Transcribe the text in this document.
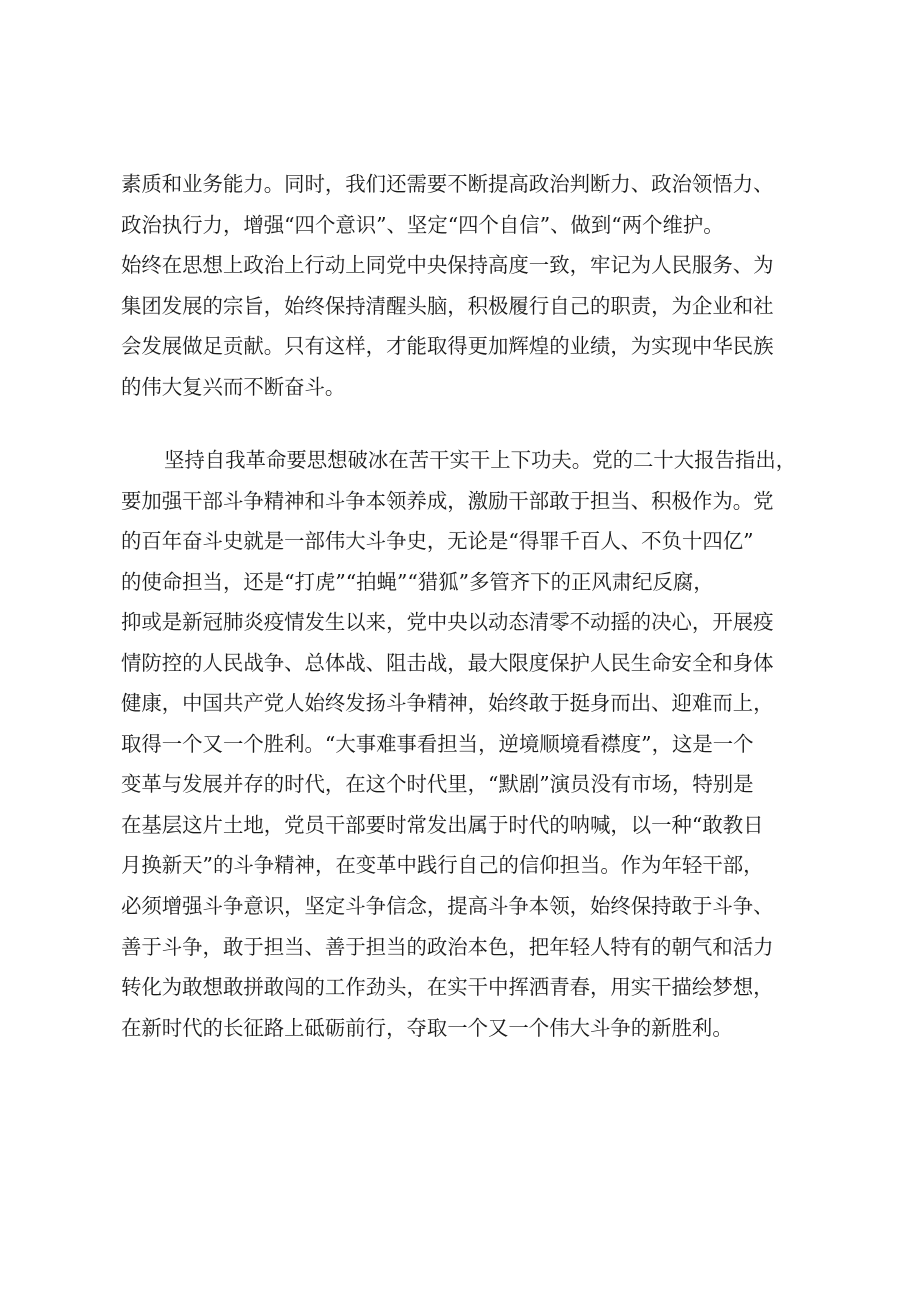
素质和业务能力。同时，我们还需要不断提高政治判断力、政治领悟力、
政治执行力，增强“四个意识”、坚定“四个自信”、做到“两个维护。
始终在思想上政治上行动上同党中央保持高度一致，牢记为人民服务、为
集团发展的宗旨，始终保持清醒头脑，积极履行自己的职责，为企业和社
会发展做足贡献。只有这样，才能取得更加辉煌的业绩，为实现中华民族
的伟大复兴而不断奋斗。
坚持自我革命要思想破冰在苦干实干上下功夫。党的二十大报告指出，
要加强干部斗争精神和斗争本领养成，激励干部敢于担当、积极作为。党
的百年奋斗史就是一部伟大斗争史，无论是“得罪千百人、不负十四亿”
的使命担当，还是“打虎”“拍蝇”“猎狐”多管齐下的正风肃纪反腐，
抑或是新冠肺炎疫情发生以来，党中央以动态清零不动摇的决心，开展疫
情防控的人民战争、总体战、阻击战，最大限度保护人民生命安全和身体
健康，中国共产党人始终发扬斗争精神，始终敢于挺身而出、迎难而上，
取得一个又一个胜利。“大事难事看担当，逆境顺境看襟度”，这是一个
变革与发展并存的时代，在这个时代里，“默剧”演员没有市场，特别是
在基层这片土地，党员干部要时常发出属于时代的呐喊，以一种“敢教日
月换新天”的斗争精神，在变革中践行自己的信仰担当。作为年轻干部，
必须增强斗争意识，坚定斗争信念，提高斗争本领，始终保持敢于斗争、
善于斗争，敢于担当、善于担当的政治本色，把年轻人特有的朝气和活力
转化为敢想敢拼敢闯的工作劲头，在实干中挥洒青春，用实干描绘梦想，
在新时代的长征路上砥砺前行，夺取一个又一个伟大斗争的新胜利。
